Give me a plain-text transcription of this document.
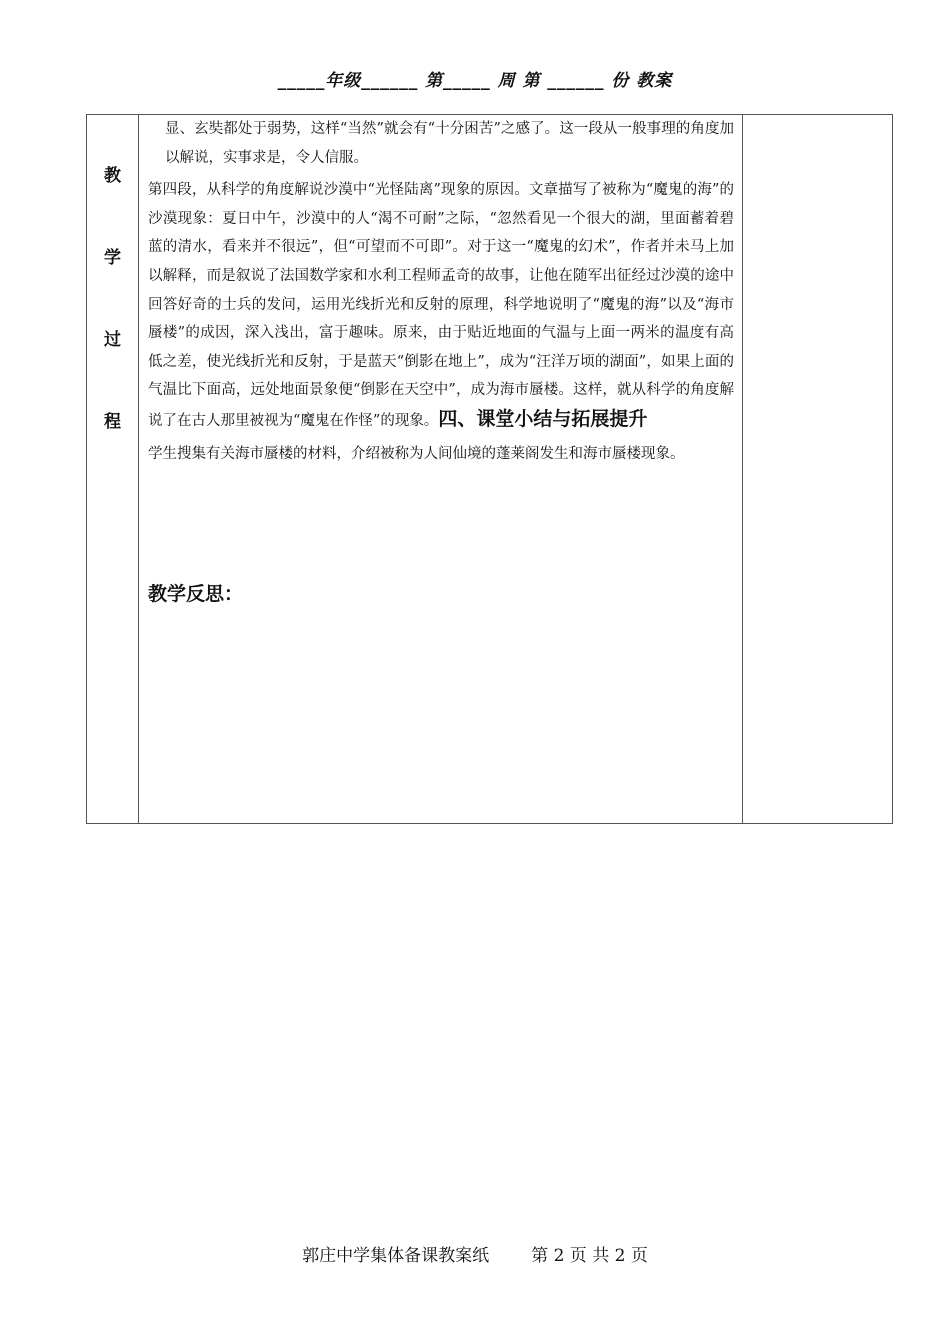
_____年级______ 第_____ 周 第 ______ 份 教案
教
学
过
程

显、玄奘都处于弱势，这样“当然”就会有“十分困苦”之感了。这一段从一般事理的角度加以解说，实事求是，令人信服。

第四段，从科学的角度解说沙漠中“光怪陆离”现象的原因。文章描写了被称为“魔鬼的海”的沙漠现象：夏日中午，沙漠中的人“渴不可耐”之际，“忽然看见一个很大的湖，里面蓄着碧蓝的清水，看来并不很远”，但“可望而不可即”。对于这一“魔鬼的幻术”，作者并未马上加以解释，而是叙说了法国数学家和水利工程师孟奇的故事，让他在随军出征经过沙漠的途中回答好奇的士兵的发问，运用光线折光和反射的原理，科学地说明了“魔鬼的海”以及“海市蜃楼”的成因，深入浅出，富于趣味。原来，由于贴近地面的气温与上面一两米的温度有高低之差，使光线折光和反射，于是蓝天“倒影在地上”，成为“汪洋万顷的湖面”，如果上面的气温比下面高，远处地面景象便“倒影在天空中”，成为海市蜃楼。这样，就从科学的角度解说了在古人那里被视为“魔鬼在作怪”的现象。四、课堂小结与拓展提升

学生搜集有关海市蜃楼的材料，介绍被称为人间仙境的蓬莱阁发生和海市蜃楼现象。

教学反思：

郭庄中学集体备课教案纸 第 2 页 共 2 页
